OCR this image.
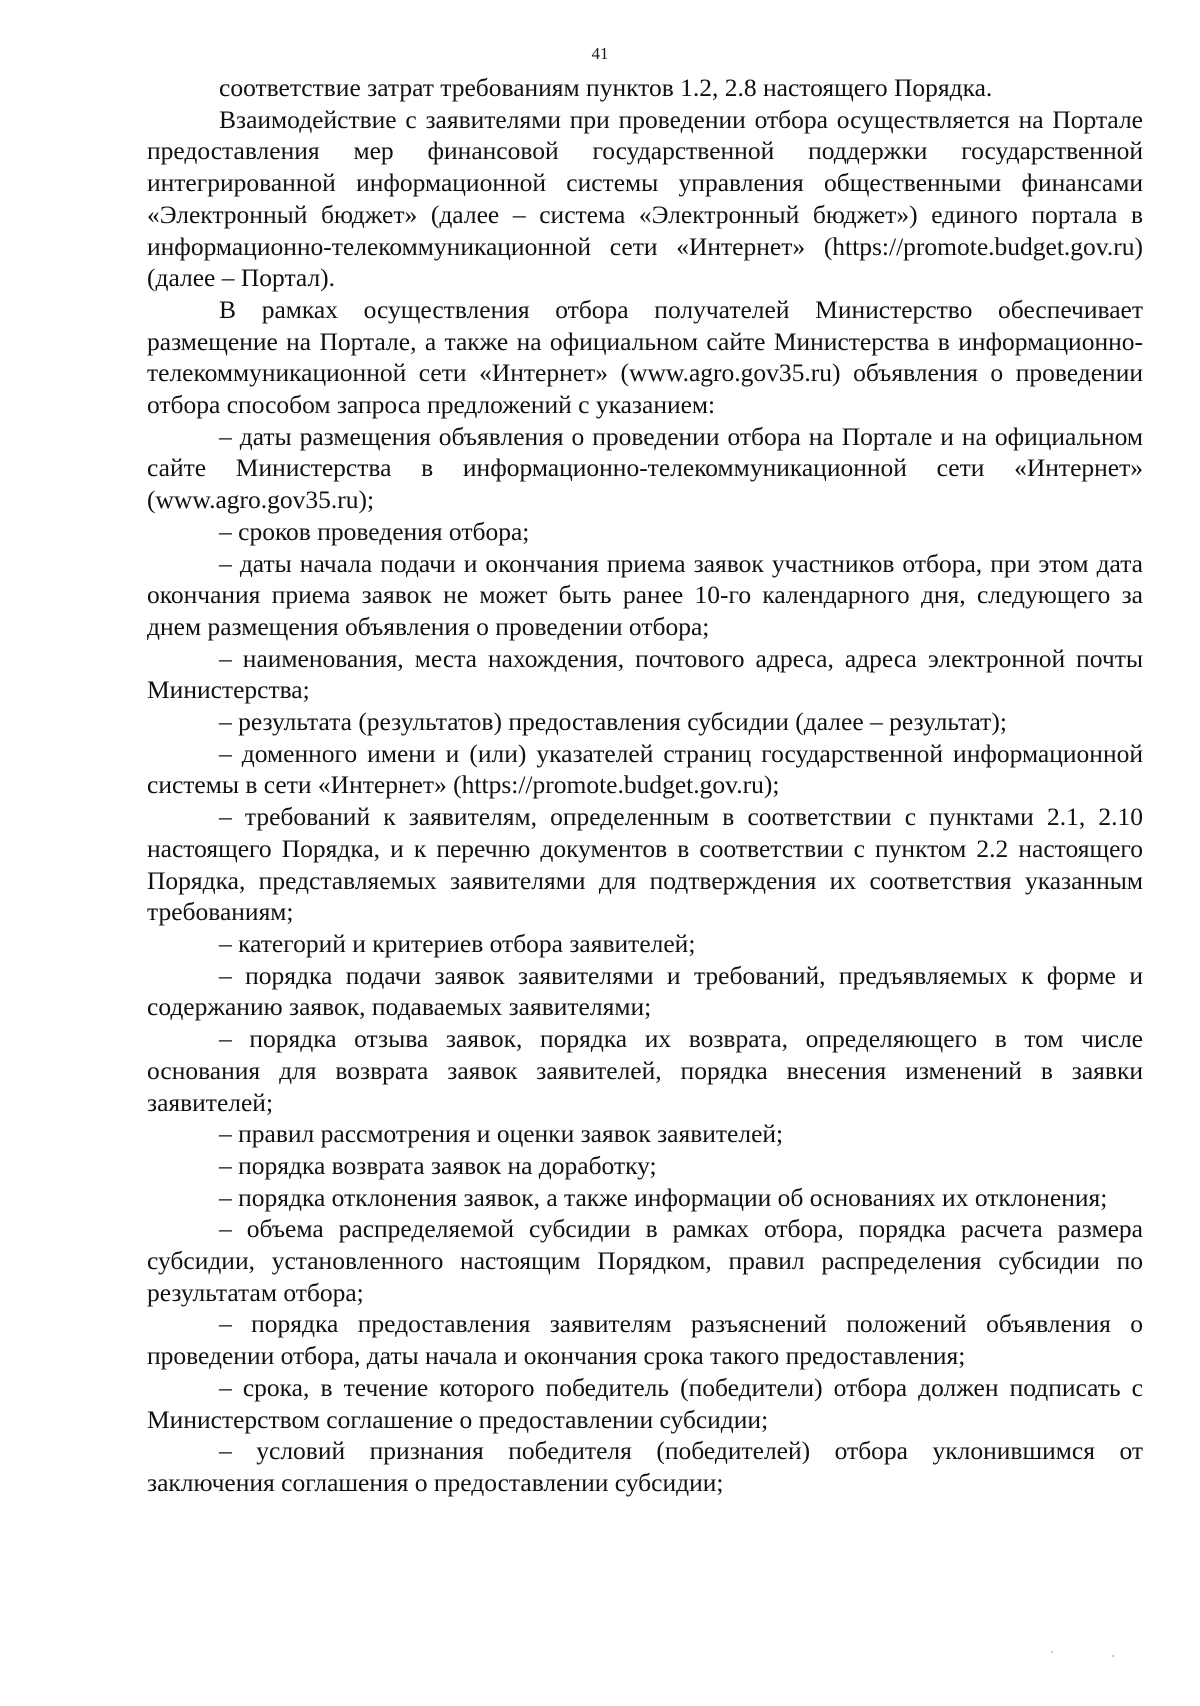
41

соответствие затрат требованиям пунктов 1.2, 2.8 настоящего Порядка.

Взаимодействие с заявителями при проведении отбора осуществляется на Портале предоставления мер финансовой государственной поддержки государственной интегрированной информационной системы управления общественными финансами «Электронный бюджет» (далее – система «Электронный бюджет») единого портала в информационно-телекоммуникационной сети «Интернет» (https://promote.budget.gov.ru) (далее – Портал).

В рамках осуществления отбора получателей Министерство обеспечивает размещение на Портале, а также на официальном сайте Министерства в информационно-телекоммуникационной сети «Интернет» (www.agro.gov35.ru) объявления о проведении отбора способом запроса предложений с указанием:

– даты размещения объявления о проведении отбора на Портале и на официальном сайте Министерства в информационно-телекоммуникационной сети «Интернет» (www.agro.gov35.ru);

– сроков проведения отбора;

– даты начала подачи и окончания приема заявок участников отбора, при этом дата окончания приема заявок не может быть ранее 10-го календарного дня, следующего за днем размещения объявления о проведении отбора;

– наименования, места нахождения, почтового адреса, адреса электронной почты Министерства;

– результата (результатов) предоставления субсидии (далее – результат);

– доменного имени и (или) указателей страниц государственной информационной системы в сети «Интернет» (https://promote.budget.gov.ru);

– требований к заявителям, определенным в соответствии с пунктами 2.1, 2.10 настоящего Порядка, и к перечню документов в соответствии с пунктом 2.2 настоящего Порядка, представляемых заявителями для подтверждения их соответствия указанным требованиям;

– категорий и критериев отбора заявителей;

– порядка подачи заявок заявителями и требований, предъявляемых к форме и содержанию заявок, подаваемых заявителями;

– порядка отзыва заявок, порядка их возврата, определяющего в том числе основания для возврата заявок заявителей, порядка внесения изменений в заявки заявителей;

– правил рассмотрения и оценки заявок заявителей;

– порядка возврата заявок на доработку;

– порядка отклонения заявок, а также информации об основаниях их отклонения;

– объема распределяемой субсидии в рамках отбора, порядка расчета размера субсидии, установленного настоящим Порядком, правил распределения субсидии по результатам отбора;

– порядка предоставления заявителям разъяснений положений объявления о проведении отбора, даты начала и окончания срока такого предоставления;

– срока, в течение которого победитель (победители) отбора должен подписать с Министерством соглашение о предоставлении субсидии;

– условий признания победителя (победителей) отбора уклонившимся от заключения соглашения о предоставлении субсидии;
